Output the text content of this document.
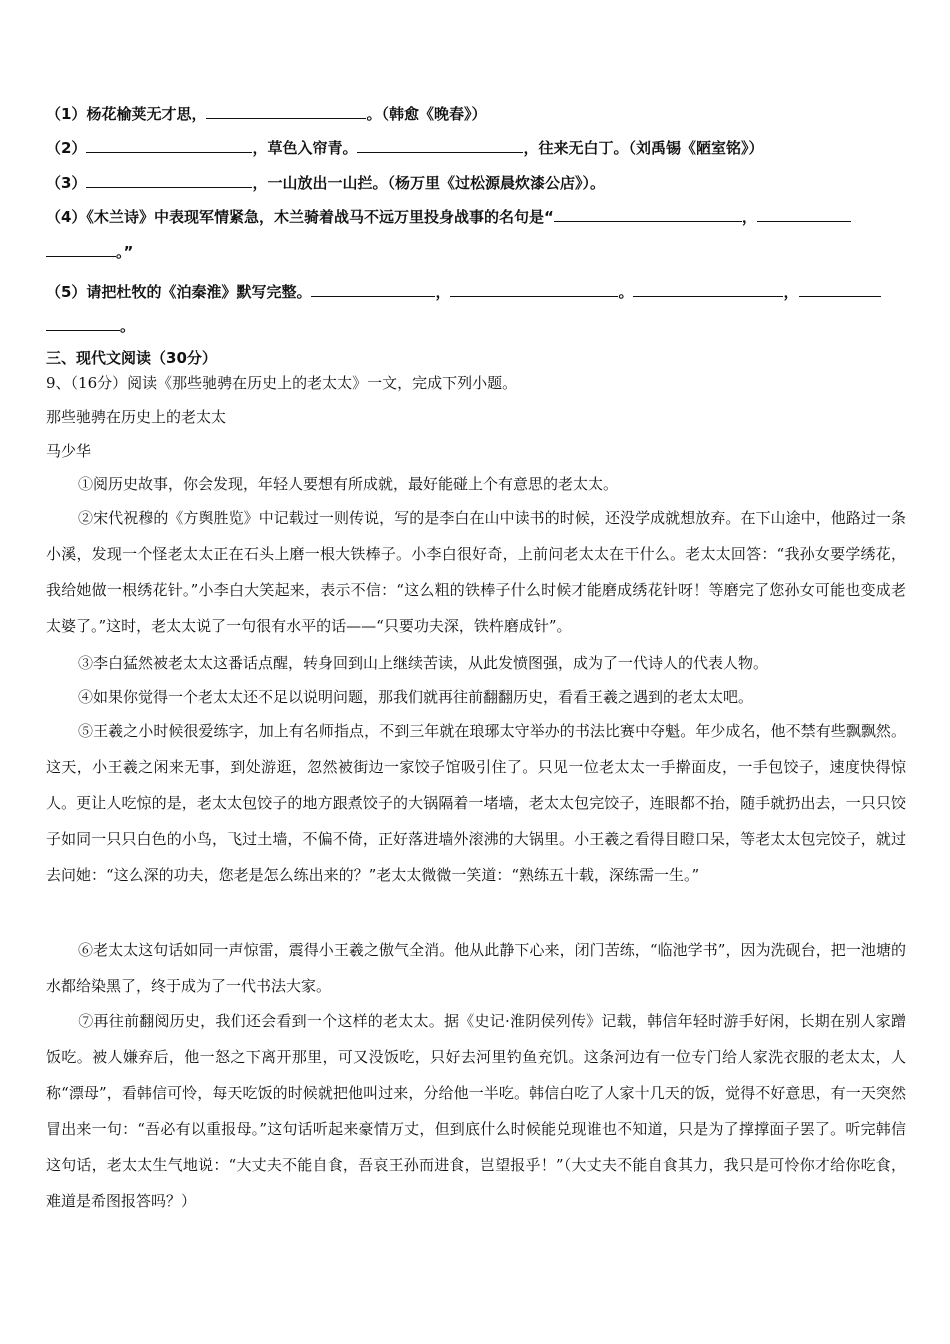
（1）杨花榆荚无才思，	。（韩愈《晚春》）
（2）	，草色入帘青。	，往来无白丁。（刘禹锡《陋室铭》）
（3）	，一山放出一山拦。（杨万里《过松源晨炊漆公店》）。
（4）《木兰诗》中表现军情紧急，木兰骑着战马不远万里投身战事的名句是“	，
。”
（5）请把杜牧的《泊秦淮》默写完整。	，	。	，
。
三、现代文阅读（30分）
9、（16分）阅读《那些驰骋在历史上的老太太》一文，完成下列小题。
那些驰骋在历史上的老太太
马少华
①阅历史故事，你会发现，年轻人要想有所成就，最好能碰上个有意思的老太太。
②宋代祝穆的《方舆胜览》中记载过一则传说，写的是李白在山中读书的时候，还没学成就想放弃。在下山途中，他路过一条小溪，发现一个怪老太太正在石头上磨一根大铁棒子。小李白很好奇，上前问老太太在干什么。老太太回答：“我孙女要学绣花，我给她做一根绣花针。”小李白大笑起来，表示不信：“这么粗的铁棒子什么时候才能磨成绣花针呀！等磨完了您孙女可能也变成老太婆了。”这时，老太太说了一句很有水平的话——“只要功夫深，铁杵磨成针”。
③李白猛然被老太太这番话点醒，转身回到山上继续苦读，从此发愤图强，成为了一代诗人的代表人物。
④如果你觉得一个老太太还不足以说明问题，那我们就再往前翻翻历史，看看王羲之遇到的老太太吧。
⑤王羲之小时候很爱练字，加上有名师指点，不到三年就在琅琊太守举办的书法比赛中夺魁。年少成名，他不禁有些飘飘然。这天，小王羲之闲来无事，到处游逛，忽然被街边一家饺子馆吸引住了。只见一位老太太一手擀面皮，一手包饺子，速度快得惊人。更让人吃惊的是，老太太包饺子的地方跟煮饺子的大锅隔着一堵墙，老太太包完饺子，连眼都不抬，随手就扔出去，一只只饺子如同一只只白色的小鸟，飞过土墙，不偏不倚，正好落进墙外滚沸的大锅里。小王羲之看得目瞪口呆，等老太太包完饺子，就过去问她：“这么深的功夫，您老是怎么练出来的？”老太太微微一笑道：“熟练五十载，深练需一生。”
⑥老太太这句话如同一声惊雷，震得小王羲之傲气全消。他从此静下心来，闭门苦练，“临池学书”，因为洗砚台，把一池塘的水都给染黑了，终于成为了一代书法大家。
⑦再往前翻阅历史，我们还会看到一个这样的老太太。据《史记·淮阴侯列传》记载，韩信年轻时游手好闲，长期在别人家蹭饭吃。被人嫌弃后，他一怒之下离开那里，可又没饭吃，只好去河里钓鱼充饥。这条河边有一位专门给人家洗衣服的老太太，人称“漂母”，看韩信可怜，每天吃饭的时候就把他叫过来，分给他一半吃。韩信白吃了人家十几天的饭，觉得不好意思，有一天突然冒出来一句：“吾必有以重报母。”这句话听起来豪情万丈，但到底什么时候能兑现谁也不知道，只是为了撑撑面子罢了。听完韩信这句话，老太太生气地说：“大丈夫不能自食，吾哀王孙而进食，岂望报乎！”（大丈夫不能自食其力，我只是可怜你才给你吃食，难道是希图报答吗？）
